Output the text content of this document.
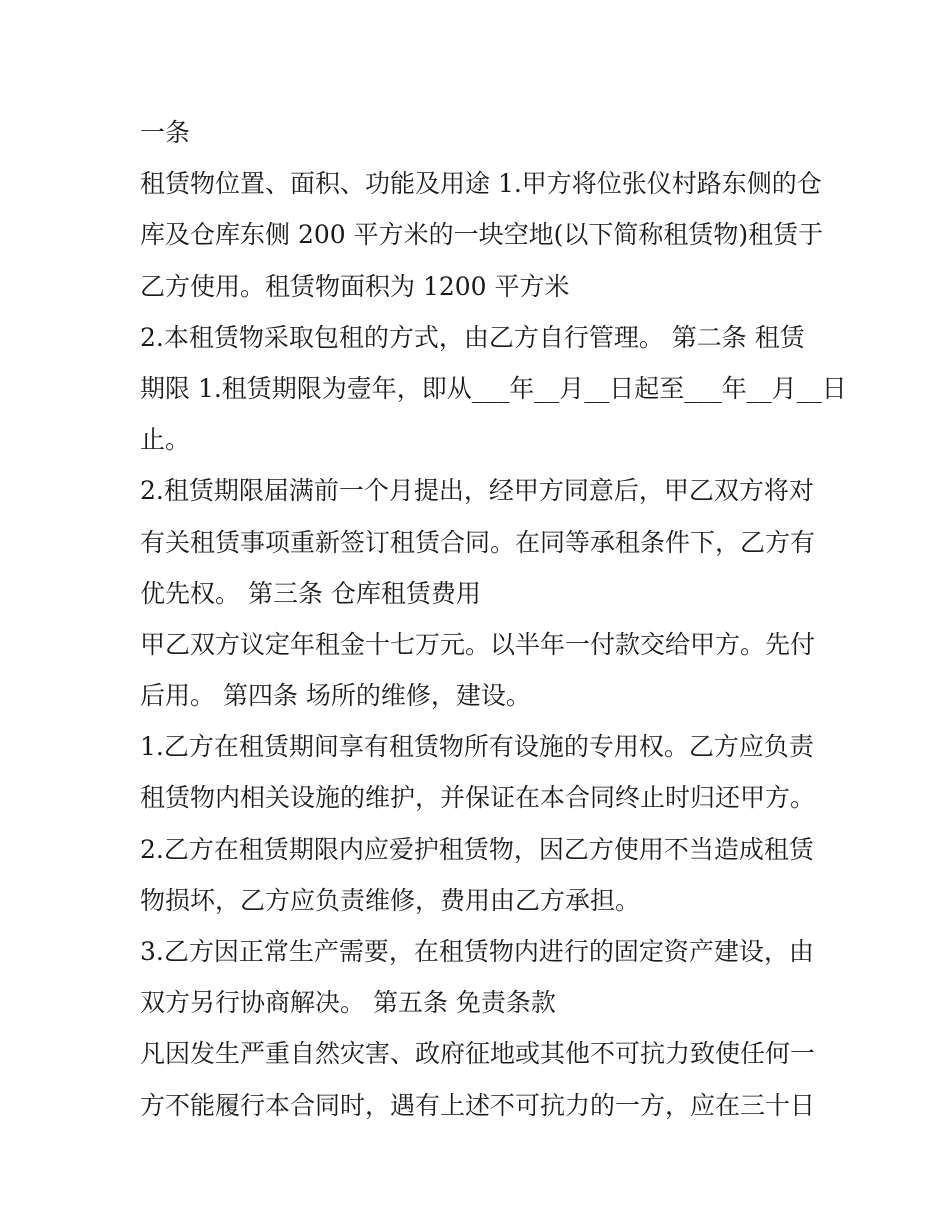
一条
租赁物位置、面积、功能及用途 1.甲方将位张仪村路东侧的仓
库及仓库东侧 200 平方米的一块空地(以下简称租赁物)租赁于
乙方使用。租赁物面积为 1200 平方米
2.本租赁物采取包租的方式，由乙方自行管理。 第二条 租赁
期限 1.租赁期限为壹年，即从___年__月__日起至___年__月__日
止。
2.租赁期限届满前一个月提出，经甲方同意后，甲乙双方将对
有关租赁事项重新签订租赁合同。在同等承租条件下，乙方有
优先权。 第三条 仓库租赁费用
甲乙双方议定年租金十七万元。以半年一付款交给甲方。先付
后用。 第四条 场所的维修，建设。
1.乙方在租赁期间享有租赁物所有设施的专用权。乙方应负责
租赁物内相关设施的维护，并保证在本合同终止时归还甲方。
2.乙方在租赁期限内应爱护租赁物，因乙方使用不当造成租赁
物损坏，乙方应负责维修，费用由乙方承担。
3.乙方因正常生产需要，在租赁物内进行的固定资产建设，由
双方另行协商解决。 第五条 免责条款
凡因发生严重自然灾害、政府征地或其他不可抗力致使任何一
方不能履行本合同时，遇有上述不可抗力的一方，应在三十日
